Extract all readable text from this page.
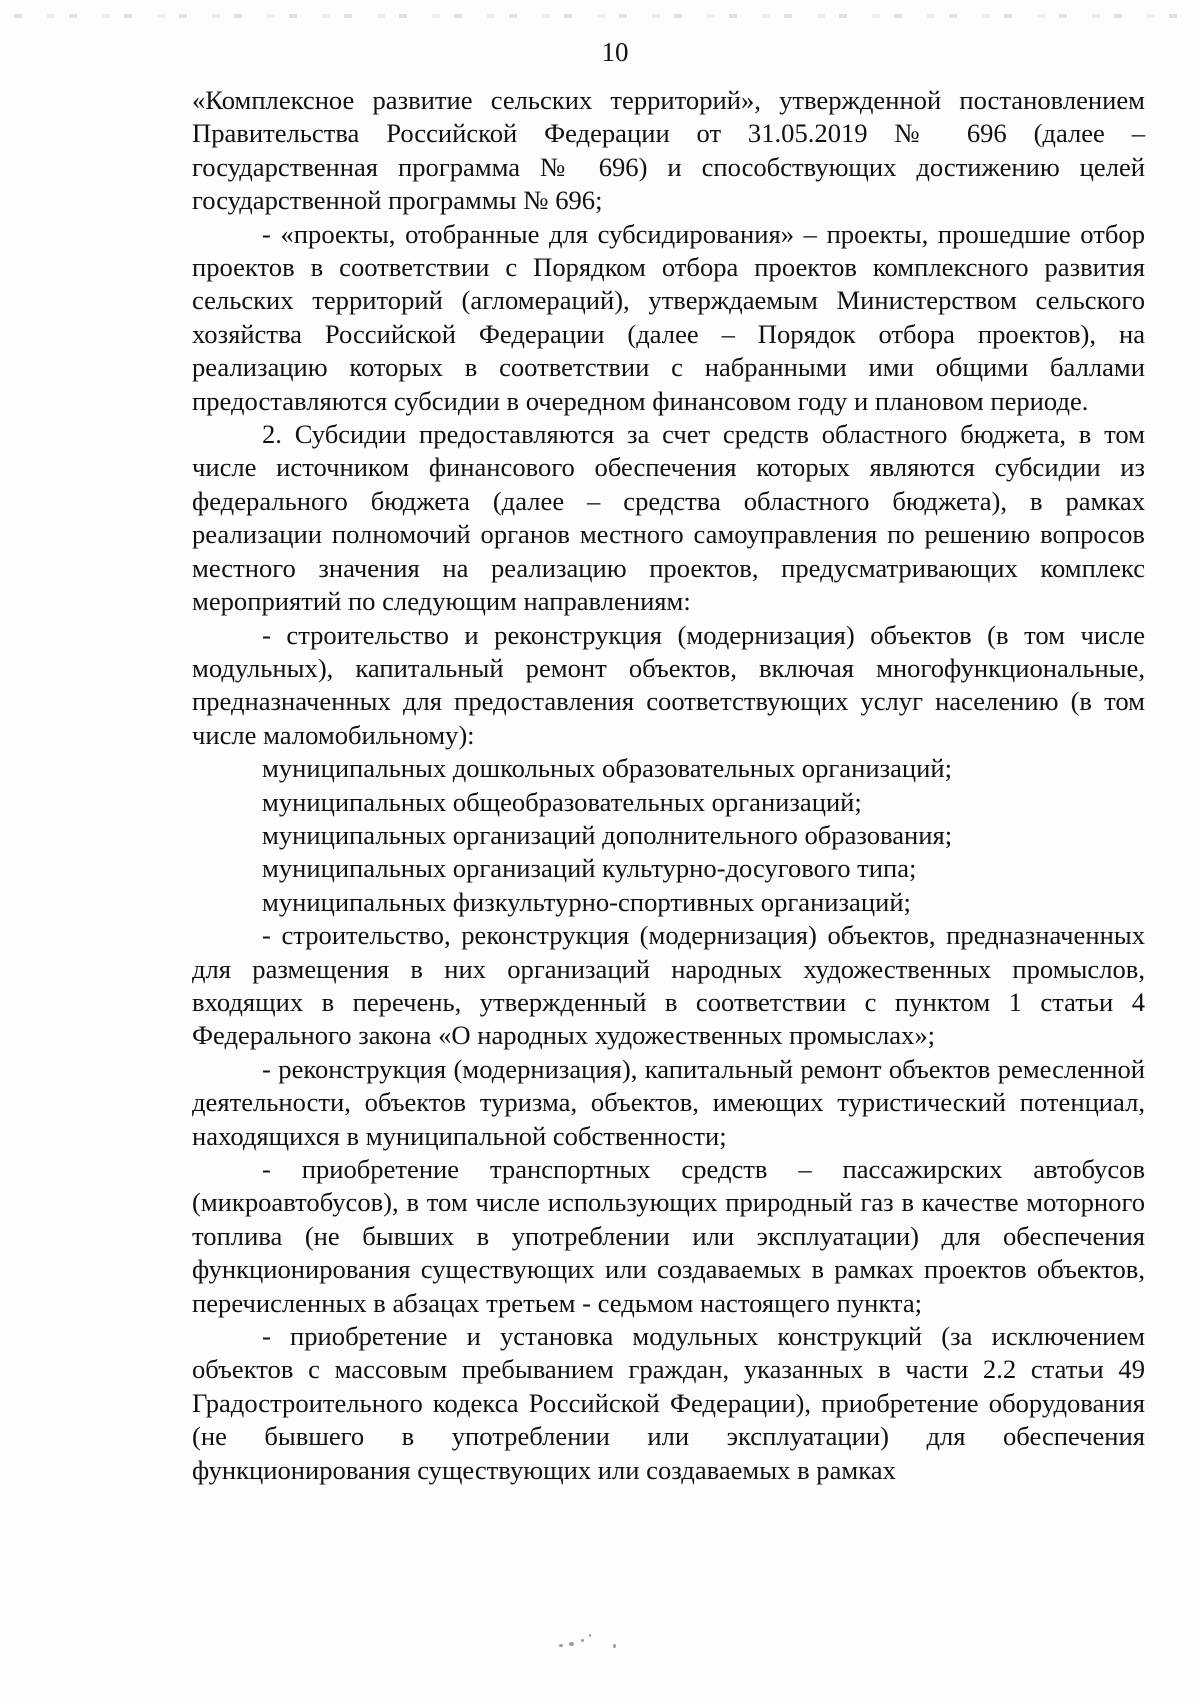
10

«Комплексное развитие сельских территорий», утвержденной постановлением Правительства Российской Федерации от 31.05.2019 № 696 (далее – государственная программа № 696) и способствующих достижению целей государственной программы № 696;

- «проекты, отобранные для субсидирования» – проекты, прошедшие отбор проектов в соответствии с Порядком отбора проектов комплексного развития сельских территорий (агломераций), утверждаемым Министерством сельского хозяйства Российской Федерации (далее – Порядок отбора проектов), на реализацию которых в соответствии с набранными ими общими баллами предоставляются субсидии в очередном финансовом году и плановом периоде.

2. Субсидии предоставляются за счет средств областного бюджета, в том числе источником финансового обеспечения которых являются субсидии из федерального бюджета (далее – средства областного бюджета), в рамках реализации полномочий органов местного самоуправления по решению вопросов местного значения на реализацию проектов, предусматривающих комплекс мероприятий по следующим направлениям:

- строительство и реконструкция (модернизация) объектов (в том числе модульных), капитальный ремонт объектов, включая многофункциональные, предназначенных для предоставления соответствующих услуг населению (в том числе маломобильному):

муниципальных дошкольных образовательных организаций;

муниципальных общеобразовательных организаций;

муниципальных организаций дополнительного образования;

муниципальных организаций культурно-досугового типа;

муниципальных физкультурно-спортивных организаций;

- строительство, реконструкция (модернизация) объектов, предназначенных для размещения в них организаций народных художественных промыслов, входящих в перечень, утвержденный в соответствии с пунктом 1 статьи 4 Федерального закона «О народных художественных промыслах»;

- реконструкция (модернизация), капитальный ремонт объектов ремесленной деятельности, объектов туризма, объектов, имеющих туристический потенциал, находящихся в муниципальной собственности;

- приобретение транспортных средств – пассажирских автобусов (микроавтобусов), в том числе использующих природный газ в качестве моторного топлива (не бывших в употреблении или эксплуатации) для обеспечения функционирования существующих или создаваемых в рамках проектов объектов, перечисленных в абзацах третьем - седьмом настоящего пункта;

- приобретение и установка модульных конструкций (за исключением объектов с массовым пребыванием граждан, указанных в части 2.2 статьи 49 Градостроительного кодекса Российской Федерации), приобретение оборудования (не бывшего в употреблении или эксплуатации) для обеспечения функционирования существующих или создаваемых в рамках
